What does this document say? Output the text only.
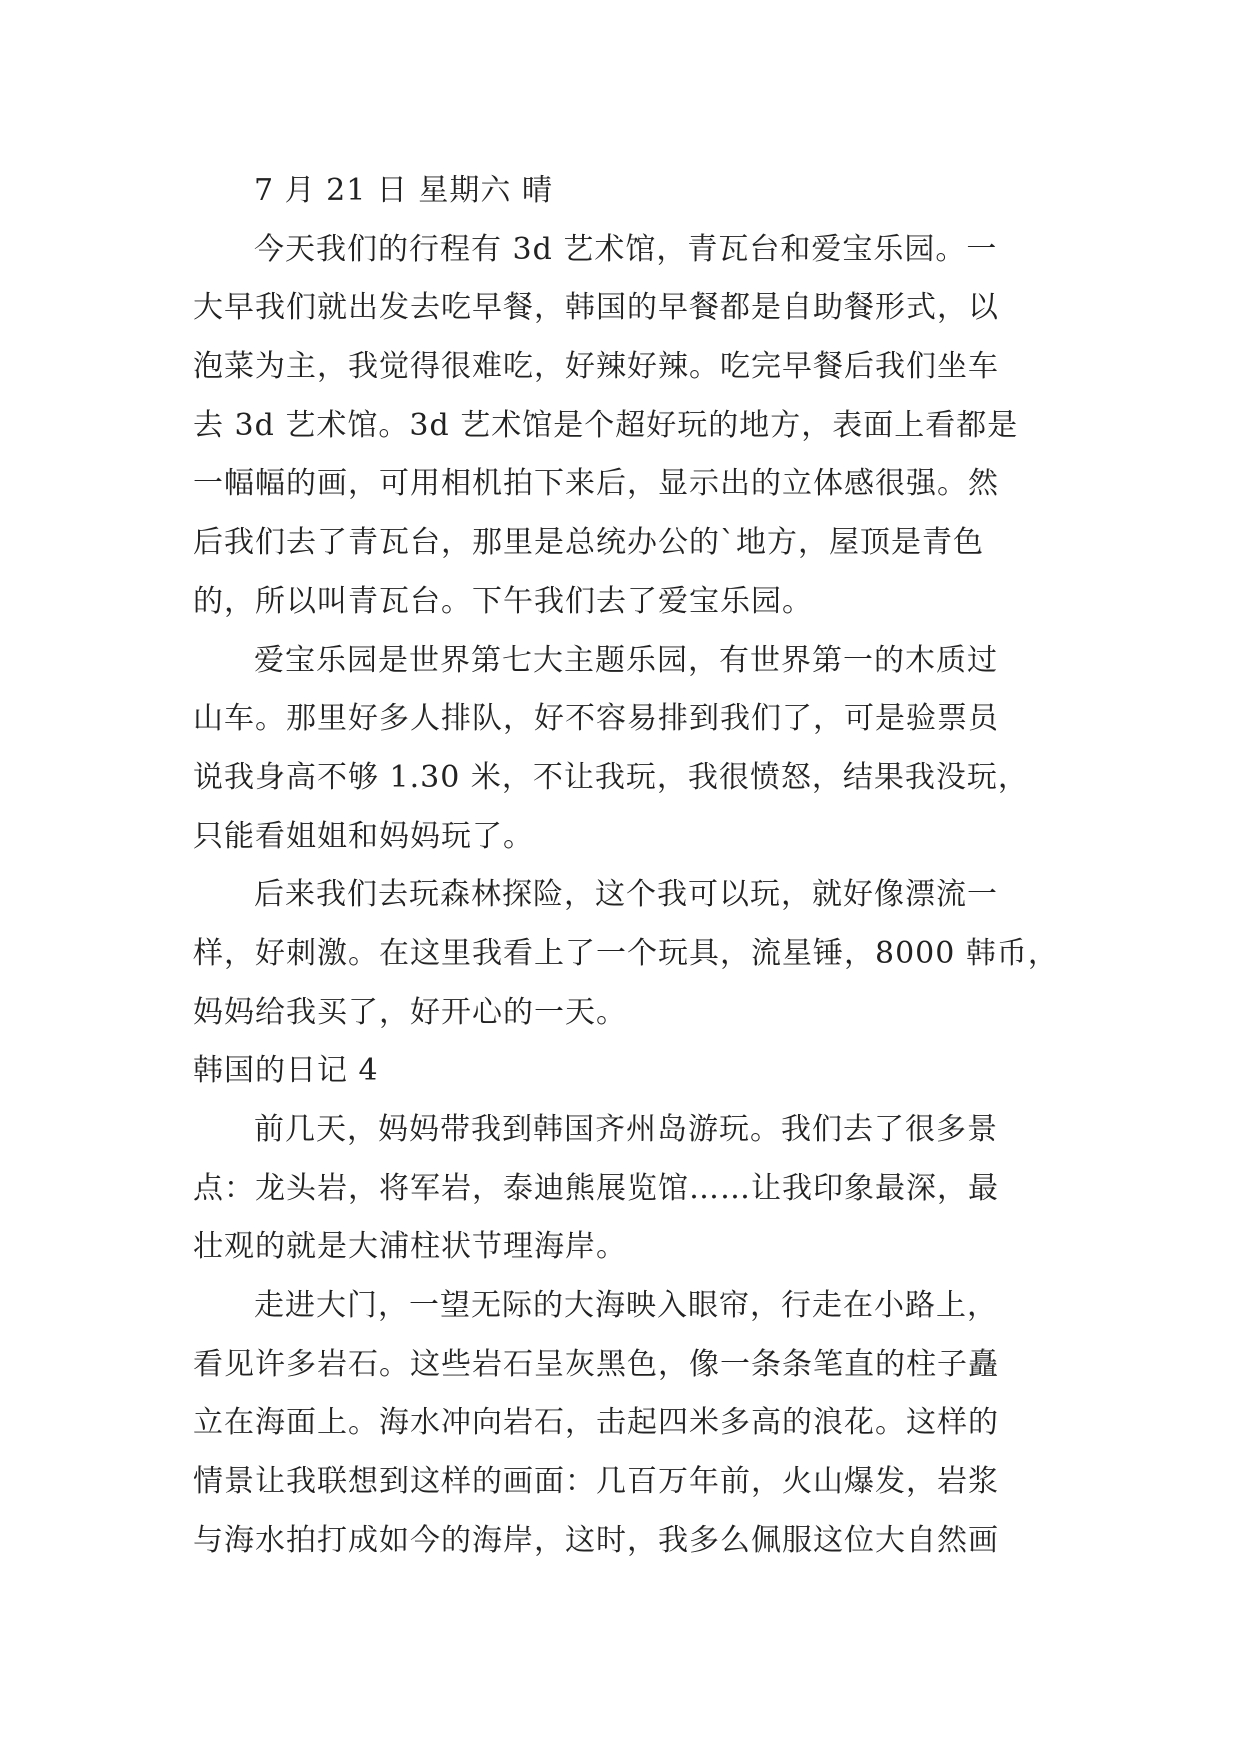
7 月 21 日 星期六 晴
今天我们的行程有 3d 艺术馆，青瓦台和爱宝乐园。一
大早我们就出发去吃早餐，韩国的早餐都是自助餐形式，以
泡菜为主，我觉得很难吃，好辣好辣。吃完早餐后我们坐车
去 3d 艺术馆。3d 艺术馆是个超好玩的地方，表面上看都是
一幅幅的画，可用相机拍下来后，显示出的立体感很强。然
后我们去了青瓦台，那里是总统办公的`地方，屋顶是青色
的，所以叫青瓦台。下午我们去了爱宝乐园。
爱宝乐园是世界第七大主题乐园，有世界第一的木质过
山车。那里好多人排队，好不容易排到我们了，可是验票员
说我身高不够 1.30 米，不让我玩，我很愤怒，结果我没玩，
只能看姐姐和妈妈玩了。
后来我们去玩森林探险，这个我可以玩，就好像漂流一
样，好刺激。在这里我看上了一个玩具，流星锤，8000 韩币，
妈妈给我买了，好开心的一天。
韩国的日记 4
前几天，妈妈带我到韩国齐州岛游玩。我们去了很多景
点：龙头岩，将军岩，泰迪熊展览馆……让我印象最深，最
壮观的就是大浦柱状节理海岸。
走进大门，一望无际的大海映入眼帘，行走在小路上，
看见许多岩石。这些岩石呈灰黑色，像一条条笔直的柱子矗
立在海面上。海水冲向岩石，击起四米多高的浪花。这样的
情景让我联想到这样的画面：几百万年前，火山爆发，岩浆
与海水拍打成如今的海岸，这时，我多么佩服这位大自然画
